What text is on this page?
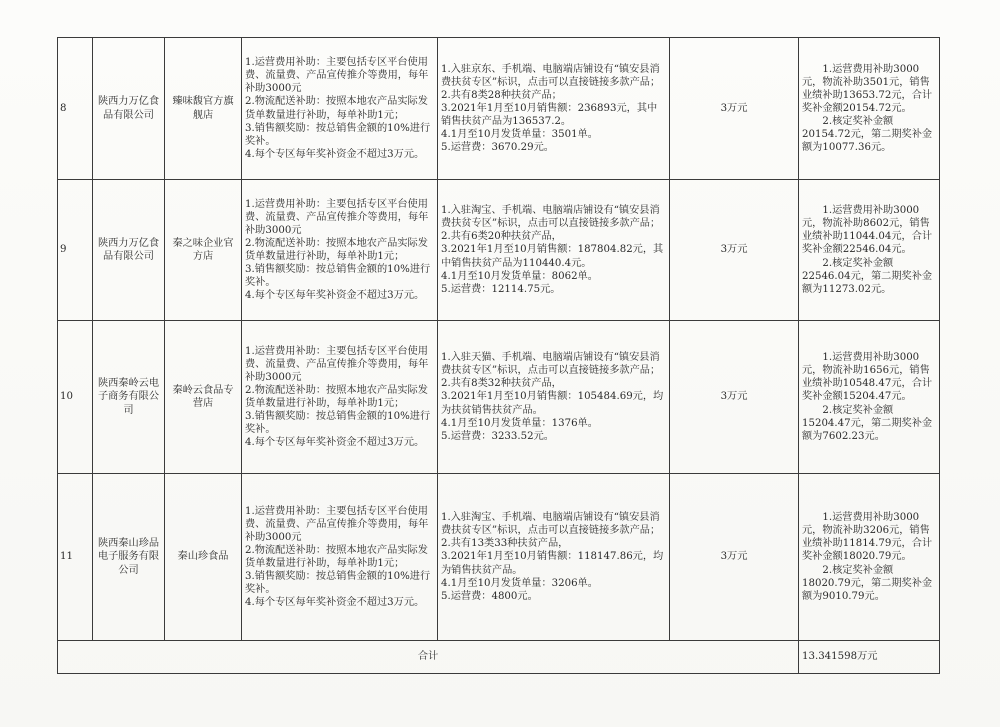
8	陕西力万亿食品有限公司	臻味馥官方旗舰店	1.运营费用补助：主要包括专区平台使用费、流量费、产品宣传推介等费用，每年补助3000元
2.物流配送补助：按照本地农产品实际发货单数量进行补助，每单补助1元；
3.销售额奖励：按总销售金额的10%进行奖补。
4.每个专区每年奖补资金不超过3万元。	1.入驻京东、手机端、电脑端店铺设有“镇安县消费扶贫专区”标识，点击可以直接链接多款产品；
2.共有8类28种扶贫产品；
3.2021年1月至10月销售额：236893元，其中销售扶贫产品为136537.2。
4.1月至10月发货单量：3501单。
5.运营费：3670.29元。	3万元	1.运营费用补助3000元，物流补助3501元，销售业绩补助13653.72元，合计奖补金额20154.72元。
2.核定奖补金额20154.72元，第二期奖补金额为10077.36元。

9	陕西力万亿食品有限公司	秦之味企业官方店	1.运营费用补助：主要包括专区平台使用费、流量费、产品宣传推介等费用，每年补助3000元
2.物流配送补助：按照本地农产品实际发货单数量进行补助，每单补助1元；
3.销售额奖励：按总销售金额的10%进行奖补。
4.每个专区每年奖补资金不超过3万元。	1.入驻淘宝、手机端、电脑端店铺设有“镇安县消费扶贫专区”标识，点击可以直接链接多款产品；
2.共有6类20种扶贫产品，
3.2021年1月至10月销售额：187804.82元，其中销售扶贫产品为110440.4元。
4.1月至10月发货单量：8062单。
5.运营费：12114.75元。	3万元	1.运营费用补助3000元，物流补助8602元，销售业绩补助11044.04元，合计奖补金额22546.04元。
2.核定奖补金额22546.04元，第二期奖补金额为11273.02元。

10	陕西秦岭云电子商务有限公司	秦岭云食品专营店	1.运营费用补助：主要包括专区平台使用费、流量费、产品宣传推介等费用，每年补助3000元
2.物流配送补助：按照本地农产品实际发货单数量进行补助，每单补助1元；
3.销售额奖励：按总销售金额的10%进行奖补。
4.每个专区每年奖补资金不超过3万元。	1.入驻天猫、手机端、电脑端店铺设有“镇安县消费扶贫专区”标识，点击可以直接链接多款产品；
2.共有8类32种扶贫产品，
3.2021年1月至10月销售额：105484.69元，均为扶贫销售扶贫产品。
4.1月至10月发货单量：1376单。
5.运营费：3233.52元。	3万元	1.运营费用补助3000元，物流补助1656元，销售业绩补助10548.47元，合计奖补金额15204.47元。
2.核定奖补金额15204.47元，第二期奖补金额为7602.23元。

11	陕西秦山珍品电子服务有限公司	秦山珍食品	1.运营费用补助：主要包括专区平台使用费、流量费、产品宣传推介等费用，每年补助3000元
2.物流配送补助：按照本地农产品实际发货单数量进行补助，每单补助1元；
3.销售额奖励：按总销售金额的10%进行奖补。
4.每个专区每年奖补资金不超过3万元。	1.入驻淘宝、手机端、电脑端店铺设有“镇安县消费扶贫专区”标识，点击可以直接链接多款产品；
2.共有13类33种扶贫产品，
3.2021年1月至10月销售额：118147.86元，均为销售扶贫产品。
4.1月至10月发货单量：3206单。
5.运营费：4800元。	3万元	1.运营费用补助3000元，物流补助3206元，销售业绩补助11814.79元，合计奖补金额18020.79元。
2.核定奖补金额18020.79元，第二期奖补金额为9010.79元。

合计						13.341598万元
